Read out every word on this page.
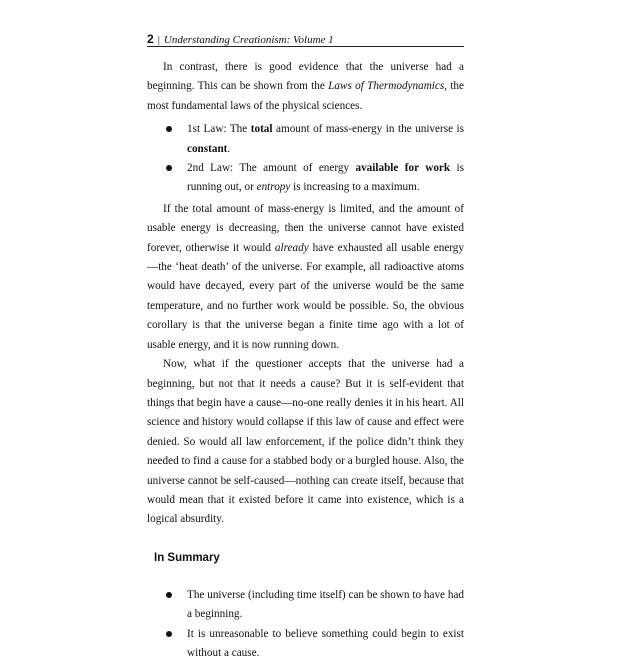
2 | Understanding Creationism: Volume 1

In contrast, there is good evidence that the universe had a beginning. This can be shown from the Laws of Thermodynamics, the most fundamental laws of the physical sciences.

1st Law: The total amount of mass-energy in the universe is constant.
2nd Law: The amount of energy available for work is running out, or entropy is increasing to a maximum.

If the total amount of mass-energy is limited, and the amount of usable energy is decreasing, then the universe cannot have existed forever, otherwise it would already have exhausted all usable energy—the ‘heat death’ of the universe. For example, all radioactive atoms would have decayed, every part of the universe would be the same temperature, and no further work would be possible. So, the obvious corollary is that the universe began a finite time ago with a lot of usable energy, and it is now running down.

Now, what if the questioner accepts that the universe had a beginning, but not that it needs a cause? But it is self-evident that things that begin have a cause—no-one really denies it in his heart. All science and history would collapse if this law of cause and effect were denied. So would all law enforcement, if the police didn’t think they needed to find a cause for a stabbed body or a burgled house. Also, the universe cannot be self-caused—nothing can create itself, because that would mean that it existed before it came into existence, which is a logical absurdity.

In Summary
The universe (including time itself) can be shown to have had a beginning.
It is unreasonable to believe something could begin to exist without a cause.
